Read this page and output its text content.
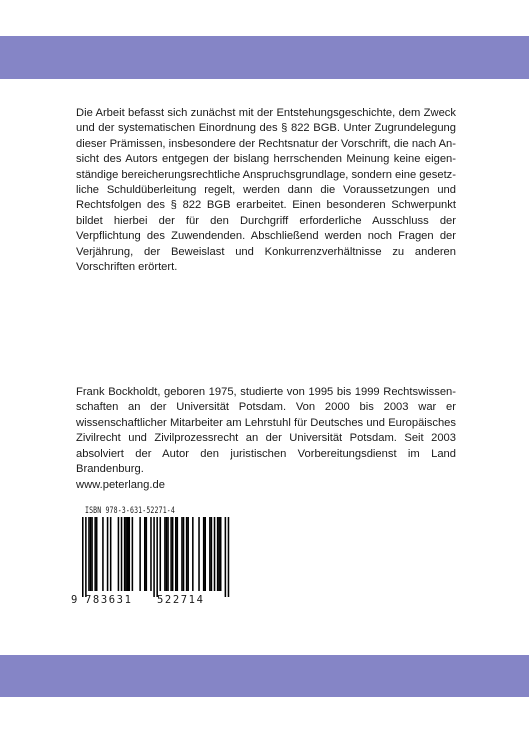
Die Arbeit befasst sich zunächst mit der Entstehungsgeschichte, dem Zweck und der systematischen Einordnung des § 822 BGB. Unter Zugrundelegung dieser Prämissen, insbesondere der Rechtsnatur der Vorschrift, die nach Ansicht des Autors entgegen der bislang herrschenden Meinung keine eigenständige bereicherungsrechtliche Anspruchsgrundlage, sondern eine gesetzliche Schuldüberleitung regelt, werden dann die Voraussetzungen und Rechtsfolgen des § 822 BGB erarbeitet. Einen besonderen Schwerpunkt bildet hierbei der für den Durchgriff erforderliche Ausschluss der Verpflichtung des Zuwendenden. Abschließend werden noch Fragen der Verjährung, der Beweislast und Konkurrenzverhältnisse zu anderen Vorschriften erörtert.

Frank Bockholdt, geboren 1975, studierte von 1995 bis 1999 Rechtswissenschaften an der Universität Potsdam. Von 2000 bis 2003 war er wissenschaftlicher Mitarbeiter am Lehrstuhl für Deutsches und Europäisches Zivilrecht und Zivilprozessrecht an der Universität Potsdam. Seit 2003 absolviert der Autor den juristischen Vorbereitungsdienst im Land Brandenburg.

www.peterlang.de

ISBN 978-3-631-52271-4
9 783631 522714
